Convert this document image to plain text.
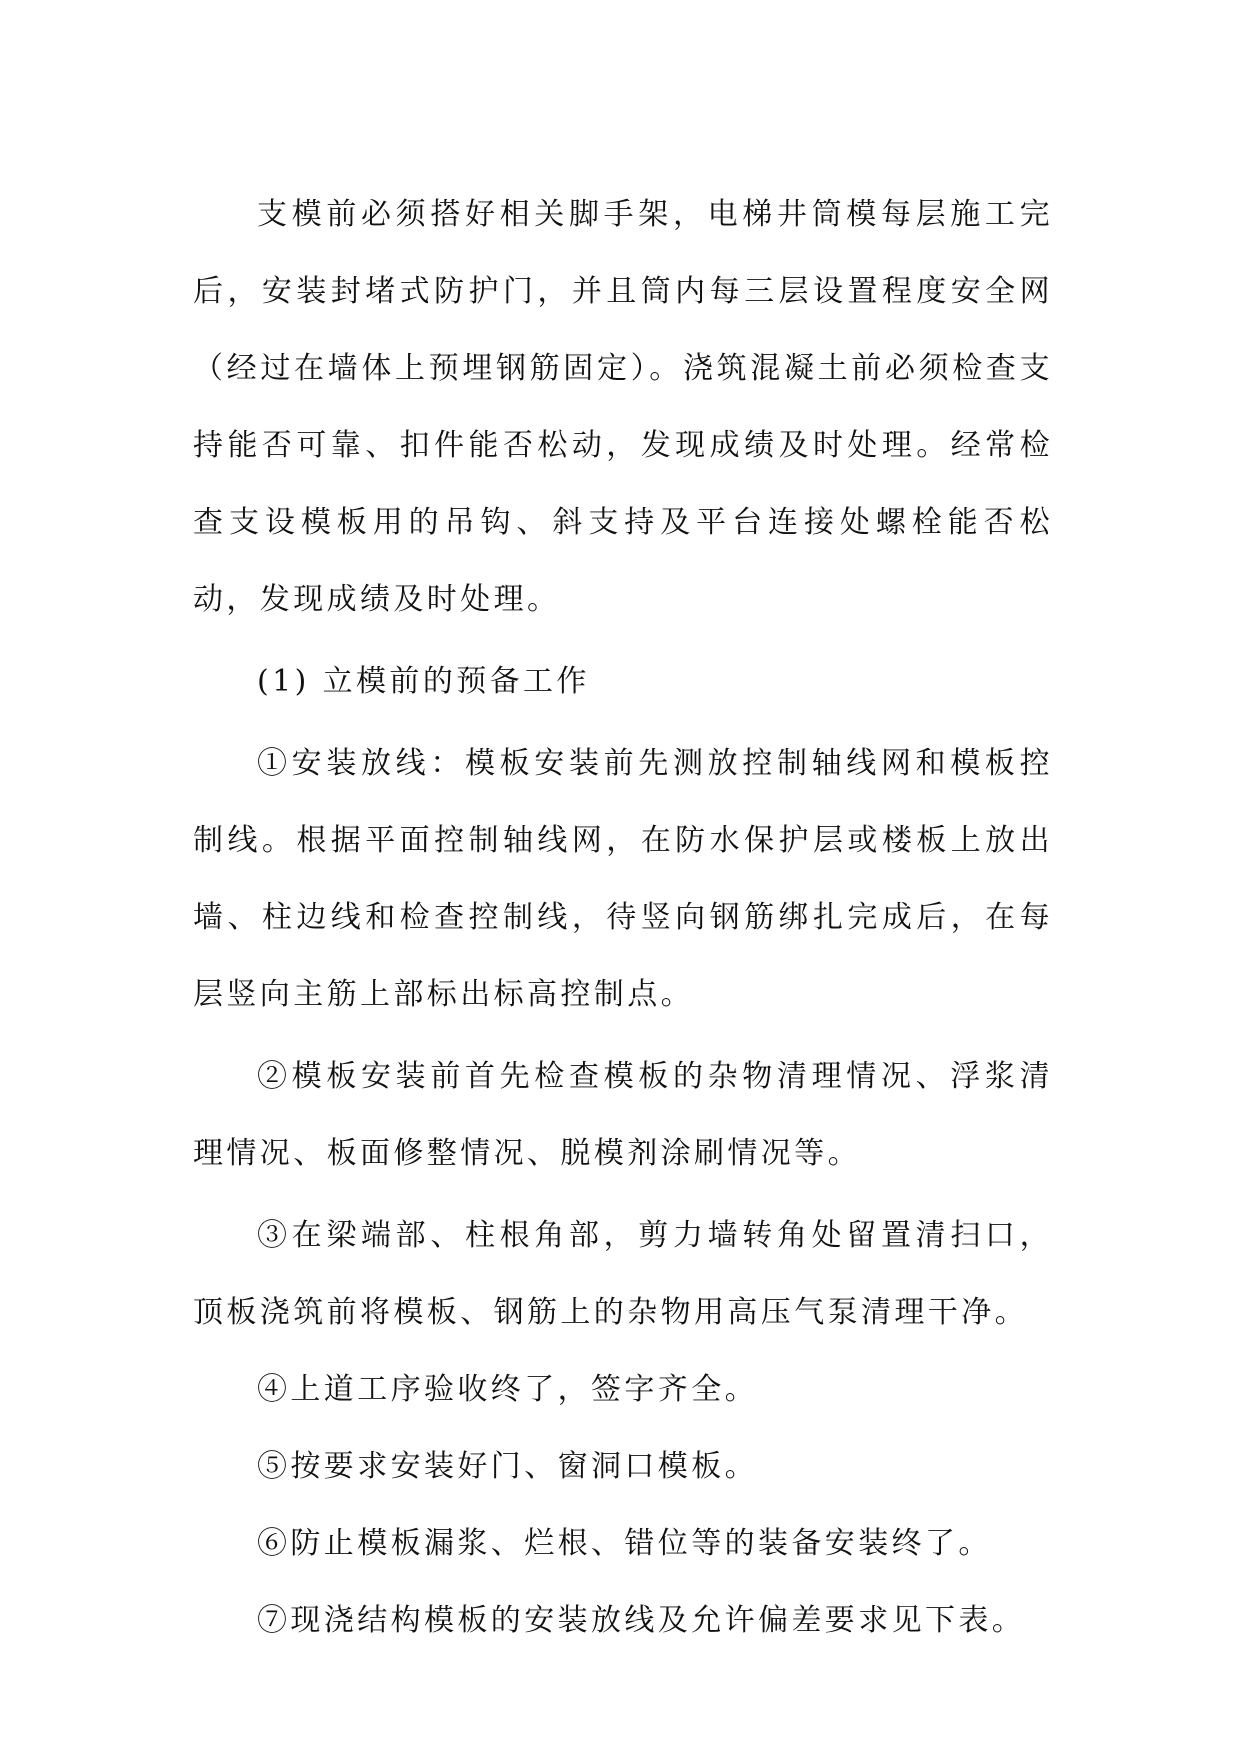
支模前必须搭好相关脚手架，电梯井筒模每层施工完后，安装封堵式防护门，并且筒内每三层设置程度安全网（经过在墙体上预埋钢筋固定）。浇筑混凝土前必须检查支持能否可靠、扣件能否松动，发现成绩及时处理。经常检查支设模板用的吊钩、斜支持及平台连接处螺栓能否松动，发现成绩及时处理。

(1) 立模前的预备工作

①安装放线：模板安装前先测放控制轴线网和模板控制线。根据平面控制轴线网，在防水保护层或楼板上放出墙、柱边线和检查控制线，待竖向钢筋绑扎完成后，在每层竖向主筋上部标出标高控制点。

②模板安装前首先检查模板的杂物清理情况、浮浆清理情况、板面修整情况、脱模剂涂刷情况等。

③在梁端部、柱根角部，剪力墙转角处留置清扫口，顶板浇筑前将模板、钢筋上的杂物用高压气泵清理干净。

④上道工序验收终了，签字齐全。

⑤按要求安装好门、窗洞口模板。

⑥防止模板漏浆、烂根、错位等的装备安装终了。

⑦现浇结构模板的安装放线及允许偏差要求见下表。
